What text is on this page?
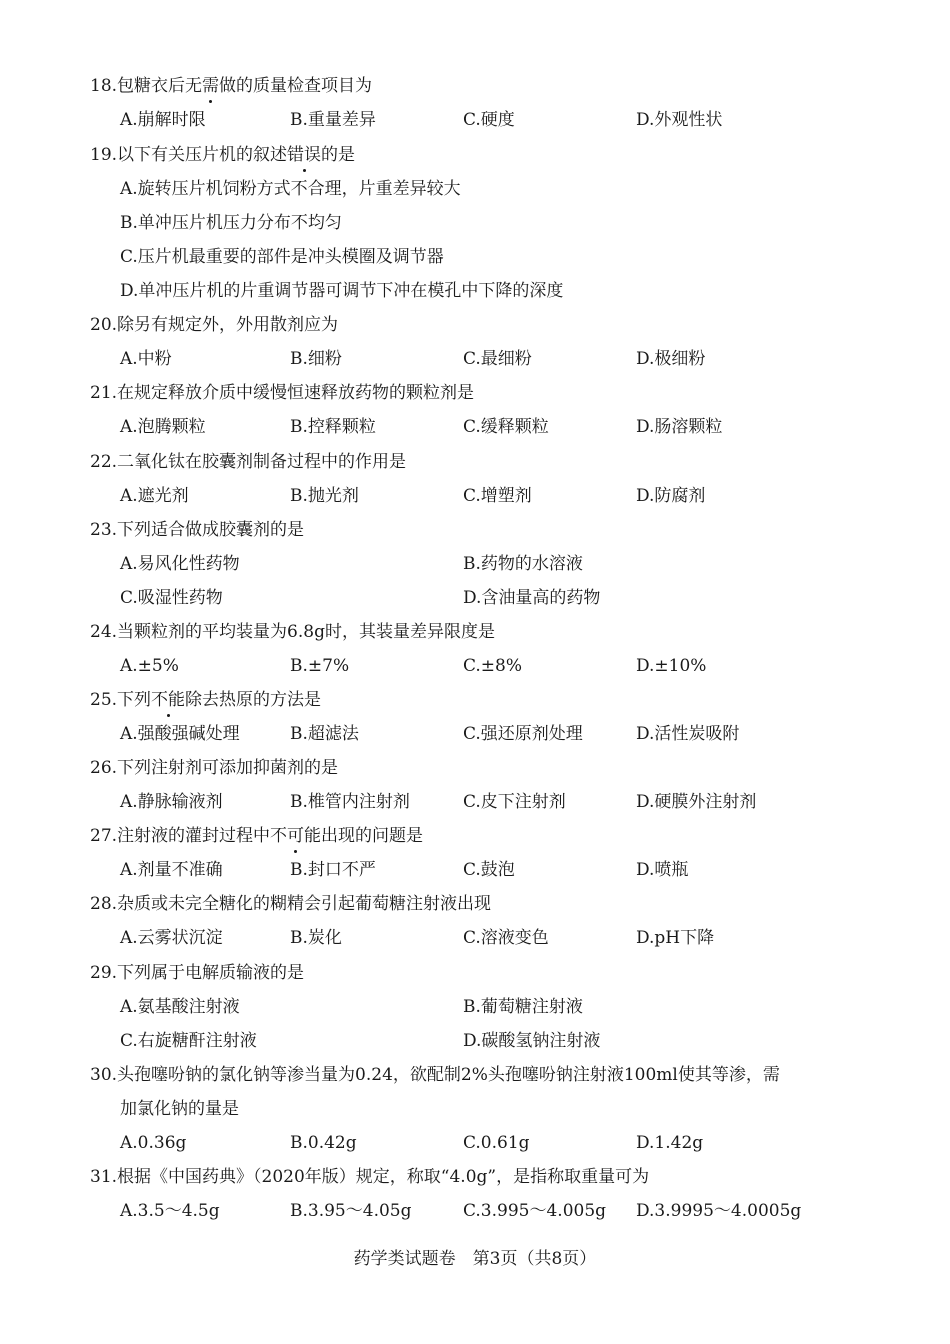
18.包糖衣后无需做的质量检查项目为
A.崩解时限	B.重量差异	C.硬度	D.外观性状
19.以下有关压片机的叙述错误的是
A.旋转压片机饲粉方式不合理，片重差异较大
B.单冲压片机压力分布不均匀
C.压片机最重要的部件是冲头模圈及调节器
D.单冲压片机的片重调节器可调节下冲在模孔中下降的深度
20.除另有规定外，外用散剂应为
A.中粉	B.细粉	C.最细粉	D.极细粉
21.在规定释放介质中缓慢恒速释放药物的颗粒剂是
A.泡腾颗粒	B.控释颗粒	C.缓释颗粒	D.肠溶颗粒
22.二氧化钛在胶囊剂制备过程中的作用是
A.遮光剂	B.抛光剂	C.增塑剂	D.防腐剂
23.下列适合做成胶囊剂的是
A.易风化性药物	B.药物的水溶液
C.吸湿性药物	D.含油量高的药物
24.当颗粒剂的平均装量为6.8g时，其装量差异限度是
A.±5%	B.±7%	C.±8%	D.±10%
25.下列不能除去热原的方法是
A.强酸强碱处理	B.超滤法	C.强还原剂处理	D.活性炭吸附
26.下列注射剂可添加抑菌剂的是
A.静脉输液剂	B.椎管内注射剂	C.皮下注射剂	D.硬膜外注射剂
27.注射液的灌封过程中不可能出现的问题是
A.剂量不准确	B.封口不严	C.鼓泡	D.喷瓶
28.杂质或未完全糖化的糊精会引起葡萄糖注射液出现
A.云雾状沉淀	B.炭化	C.溶液变色	D.pH下降
29.下列属于电解质输液的是
A.氨基酸注射液	B.葡萄糖注射液
C.右旋糖酐注射液	D.碳酸氢钠注射液
30.头孢噻吩钠的氯化钠等渗当量为0.24，欲配制2%头孢噻吩钠注射液100ml使其等渗，需
加氯化钠的量是
A.0.36g	B.0.42g	C.0.61g	D.1.42g
31.根据《中国药典》（2020年版）规定，称取“4.0g”，是指称取重量可为
A.3.5～4.5g	B.3.95～4.05g	C.3.995～4.005g D.3.9995～4.0005g
药学类试题卷　第3页（共8页）
